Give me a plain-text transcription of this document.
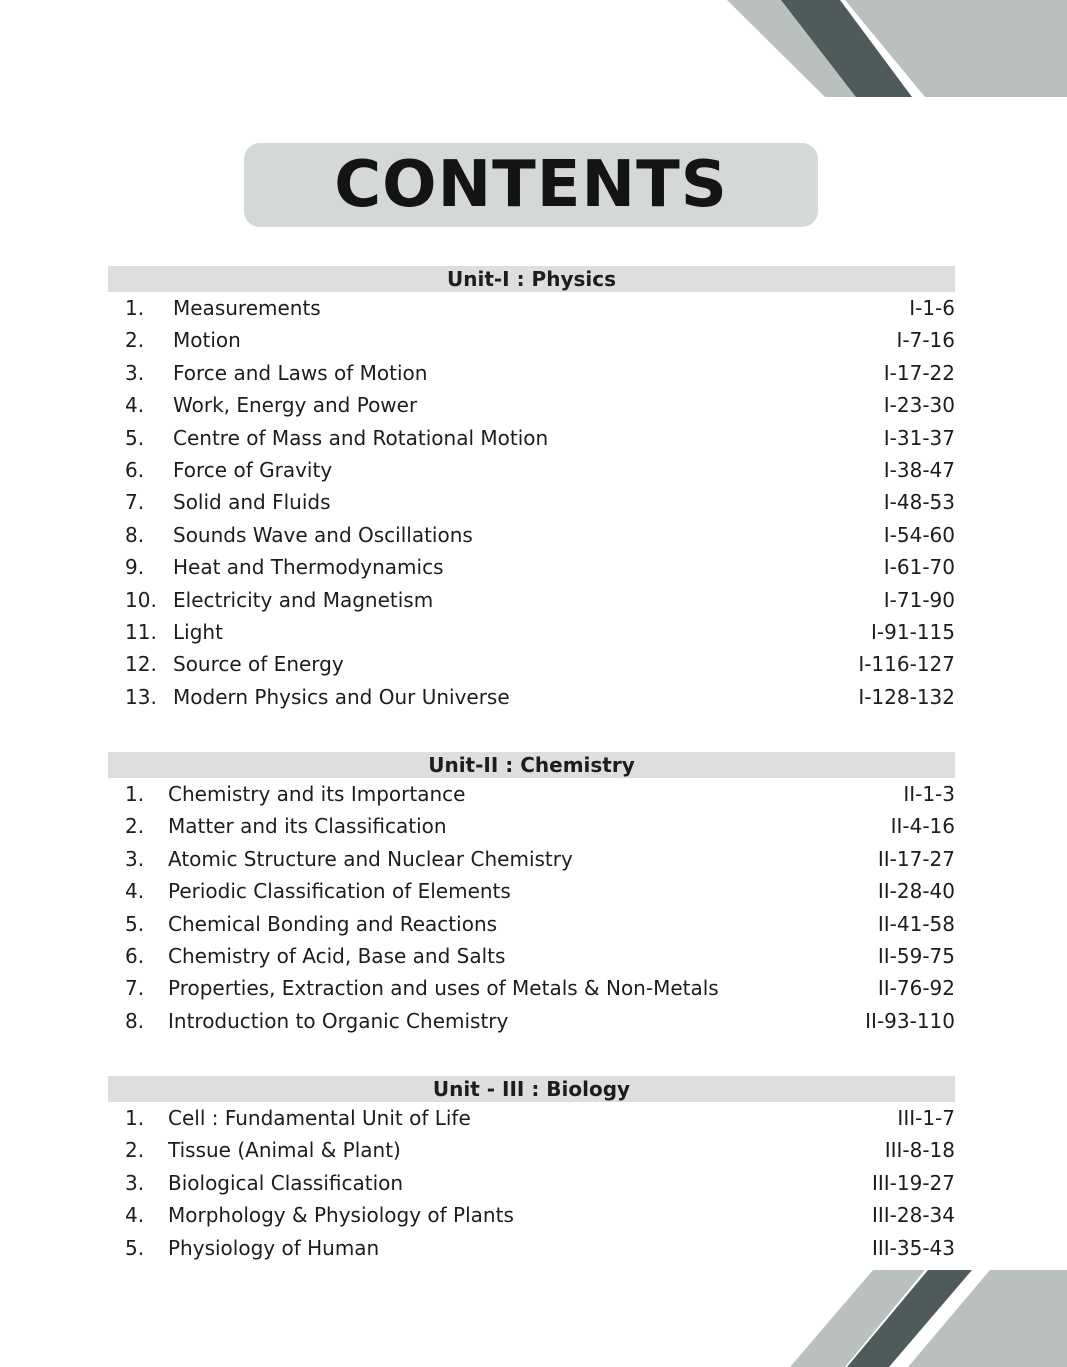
CONTENTS
Unit-I : Physics
1. Measurements	I-1-6
2. Motion	I-7-16
3. Force and Laws of Motion	I-17-22
4. Work, Energy and Power	I-23-30
5. Centre of Mass and Rotational Motion	I-31-37
6. Force of Gravity	I-38-47
7. Solid and Fluids	I-48-53
8. Sounds Wave and Oscillations	I-54-60
9. Heat and Thermodynamics	I-61-70
10. Electricity and Magnetism	I-71-90
11. Light	I-91-115
12. Source of Energy	I-116-127
13. Modern Physics and Our Universe	I-128-132
Unit-II : Chemistry
1. Chemistry and its Importance	II-1-3
2. Matter and its Classification	II-4-16
3. Atomic Structure and Nuclear Chemistry	II-17-27
4. Periodic Classification of Elements	II-28-40
5. Chemical Bonding and Reactions	II-41-58
6. Chemistry of Acid, Base and Salts	II-59-75
7. Properties, Extraction and uses of Metals & Non-Metals	II-76-92
8. Introduction to Organic Chemistry	II-93-110
Unit - III : Biology
1. Cell : Fundamental Unit of Life	III-1-7
2. Tissue (Animal & Plant)	III-8-18
3. Biological Classification	III-19-27
4. Morphology & Physiology of Plants	III-28-34
5. Physiology of Human	III-35-43
